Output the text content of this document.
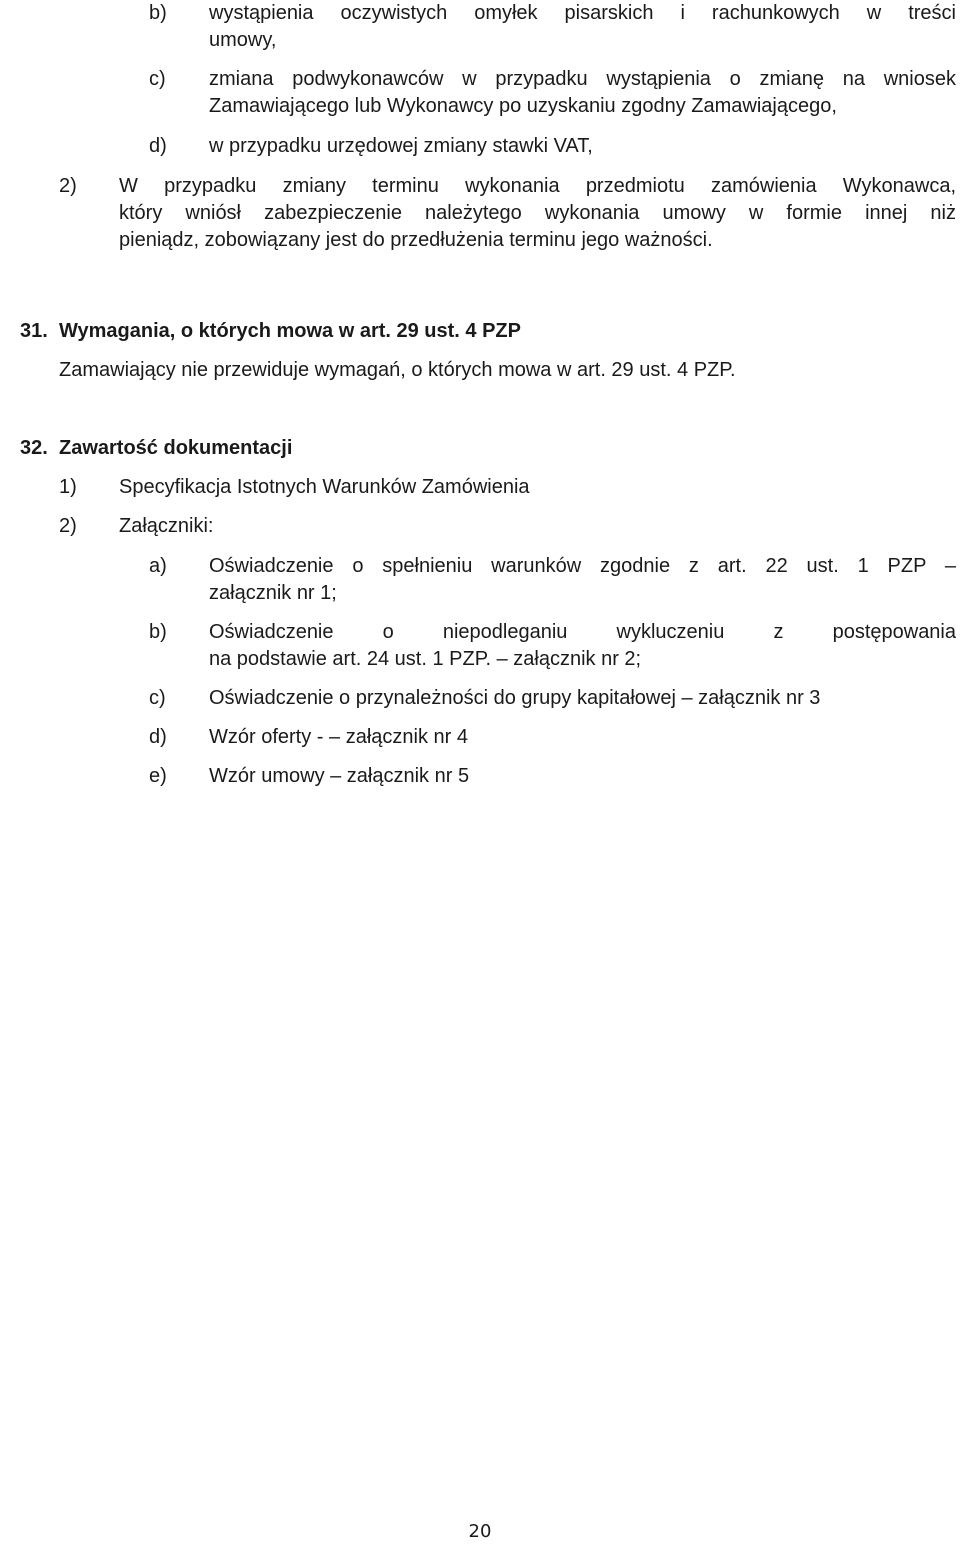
b) wystąpienia oczywistych omyłek pisarskich i rachunkowych w treści
umowy,
c) zmiana podwykonawców w przypadku wystąpienia o zmianę na wniosek
Zamawiającego lub Wykonawcy po uzyskaniu zgodny Zamawiającego,
d) w przypadku urzędowej zmiany stawki VAT,
2) W przypadku zmiany terminu wykonania przedmiotu zamówienia Wykonawca,
który wniósł zabezpieczenie należytego wykonania umowy w formie innej niż
pieniądz, zobowiązany jest do przedłużenia terminu jego ważności.
31. Wymagania, o których mowa w art. 29 ust. 4 PZP
Zamawiający nie przewiduje wymagań, o których mowa w art. 29 ust. 4 PZP.
32. Zawartość dokumentacji
1) Specyfikacja Istotnych Warunków Zamówienia
2) Załączniki:
a) Oświadczenie o spełnieniu warunków zgodnie z art. 22 ust. 1 PZP –
załącznik nr 1;
b) Oświadczenie o niepodleganiu wykluczeniu z postępowania
na podstawie art. 24 ust. 1 PZP. – załącznik nr 2;
c) Oświadczenie o przynależności do grupy kapitałowej – załącznik nr 3
d) Wzór oferty - – załącznik nr 4
e) Wzór umowy – załącznik nr 5
20
